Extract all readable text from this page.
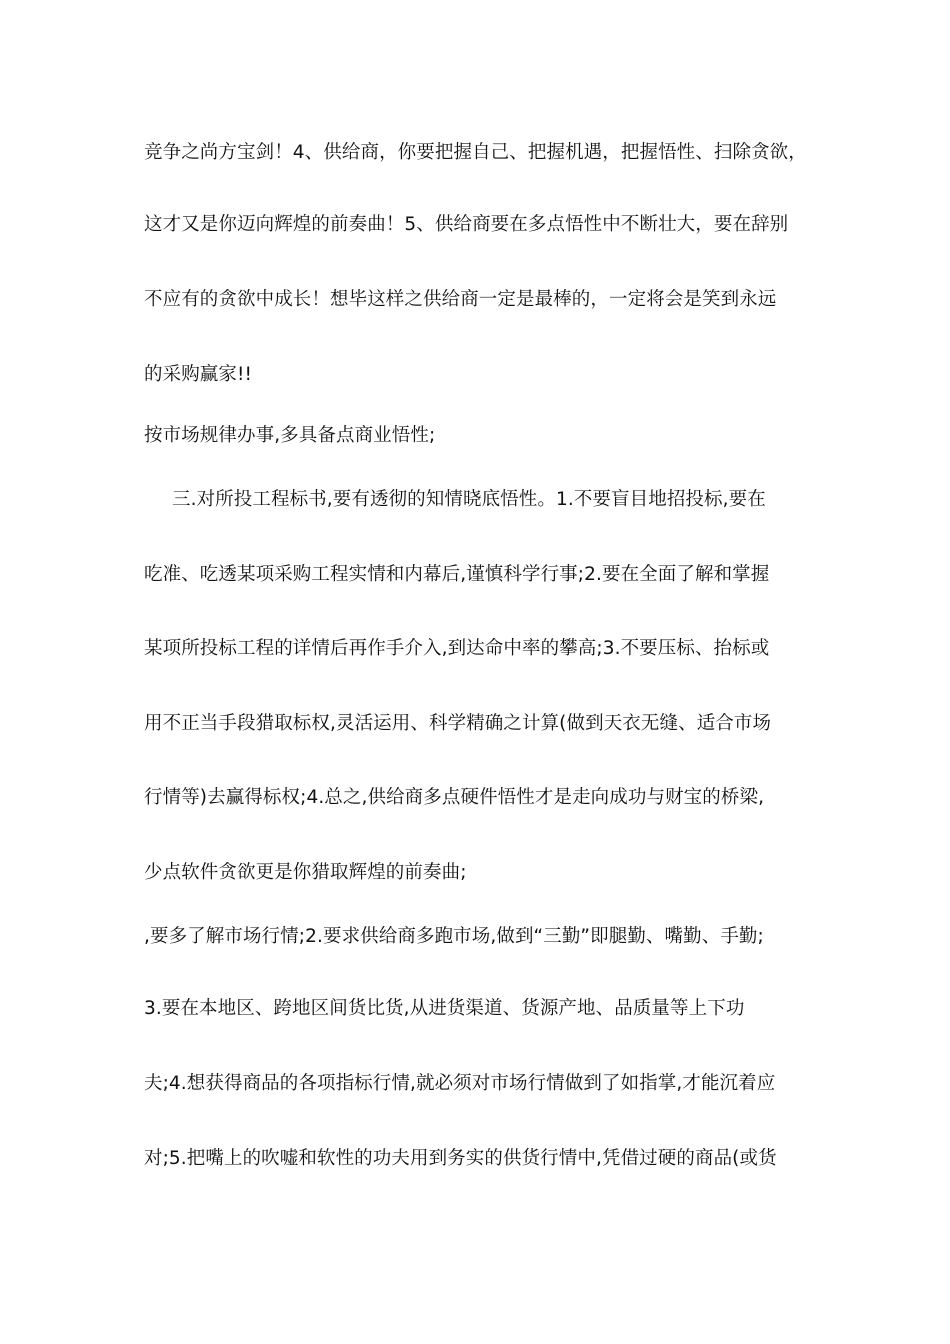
竞争之尚方宝剑！4、供给商，你要把握自己、把握机遇，把握悟性、扫除贪欲，
这才又是你迈向辉煌的前奏曲！5、供给商要在多点悟性中不断壮大，要在辞别
不应有的贪欲中成长！想毕这样之供给商一定是最棒的，一定将会是笑到永远
的采购赢家!!
按市场规律办事,多具备点商业悟性;
三.对所投工程标书,要有透彻的知情晓底悟性。1.不要盲目地招投标,要在
吃准、吃透某项采购工程实情和内幕后,谨慎科学行事;2.要在全面了解和掌握
某项所投标工程的详情后再作手介入,到达命中率的攀高;3.不要压标、抬标或
用不正当手段猎取标权,灵活运用、科学精确之计算(做到天衣无缝、适合市场
行情等)去赢得标权;4.总之,供给商多点硬件悟性才是走向成功与财宝的桥梁,
少点软件贪欲更是你猎取辉煌的前奏曲;
,要多了解市场行情;2.要求供给商多跑市场,做到“三勤”即腿勤、嘴勤、手勤;
3.要在本地区、跨地区间货比货,从进货渠道、货源产地、品质量等上下功
夫;4.想获得商品的各项指标行情,就必须对市场行情做到了如指掌,才能沉着应
对;5.把嘴上的吹嘘和软性的功夫用到务实的供货行情中,凭借过硬的商品(或货
